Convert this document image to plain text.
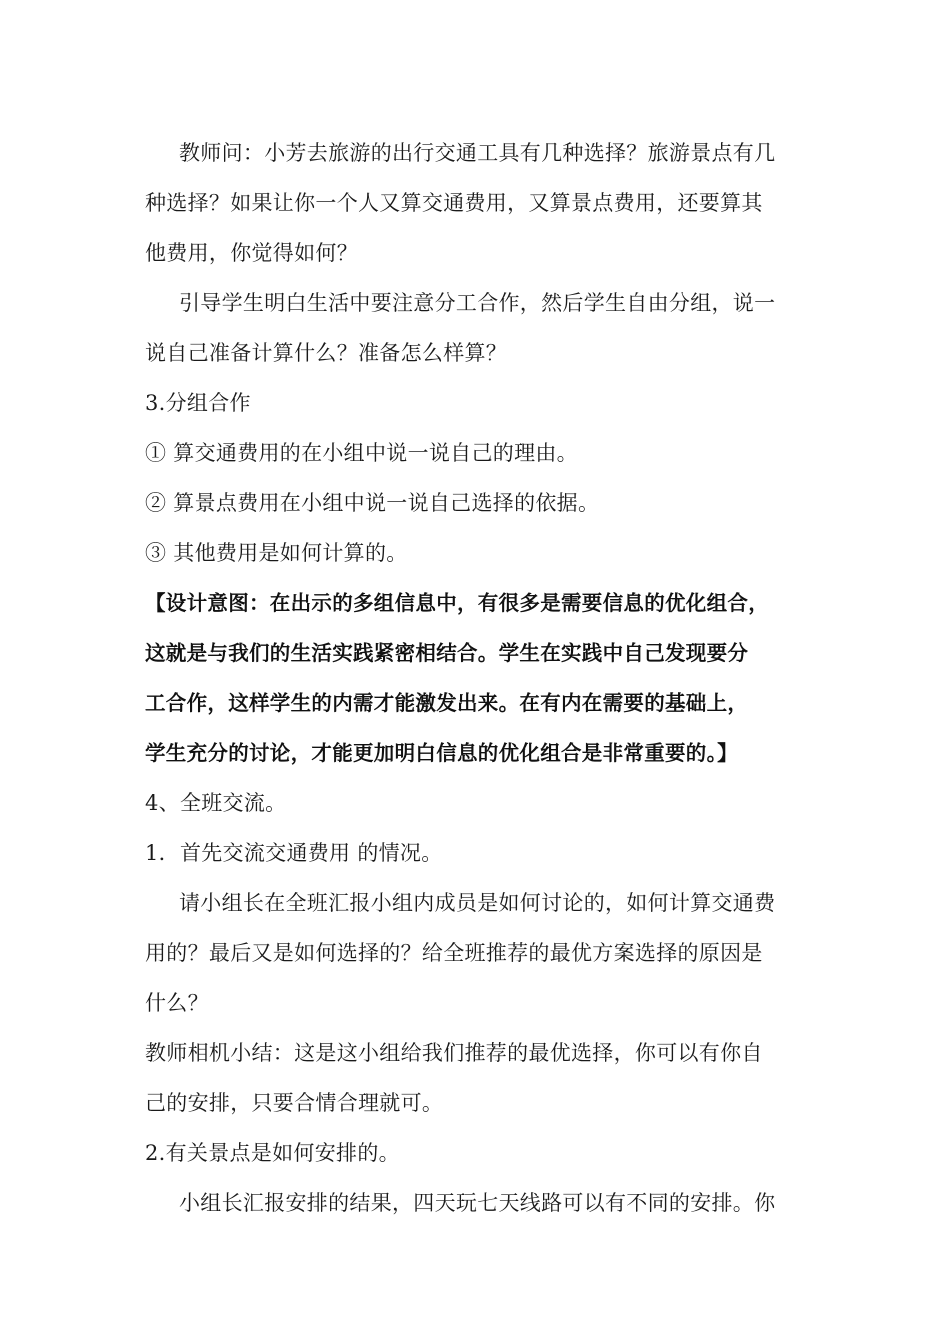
教师问：小芳去旅游的出行交通工具有几种选择？旅游景点有几
种选择？如果让你一个人又算交通费用，又算景点费用，还要算其
他费用，你觉得如何？
引导学生明白生活中要注意分工合作，然后学生自由分组，说一
说自己准备计算什么？准备怎么样算？
3.分组合作
① 算交通费用的在小组中说一说自己的理由。
② 算景点费用在小组中说一说自己选择的依据。
③ 其他费用是如何计算的。
【设计意图：在出示的多组信息中，有很多是需要信息的优化组合，
这就是与我们的生活实践紧密相结合。学生在实践中自己发现要分
工合作，这样学生的内需才能激发出来。在有内在需要的基础上，
学生充分的讨论，才能更加明白信息的优化组合是非常重要的。】
4、全班交流。
1．首先交流交通费用 的情况。
请小组长在全班汇报小组内成员是如何讨论的，如何计算交通费
用的？最后又是如何选择的？给全班推荐的最优方案选择的原因是
什么？
教师相机小结：这是这小组给我们推荐的最优选择，你可以有你自
己的安排，只要合情合理就可。
2.有关景点是如何安排的。
小组长汇报安排的结果，四天玩七天线路可以有不同的安排。你
